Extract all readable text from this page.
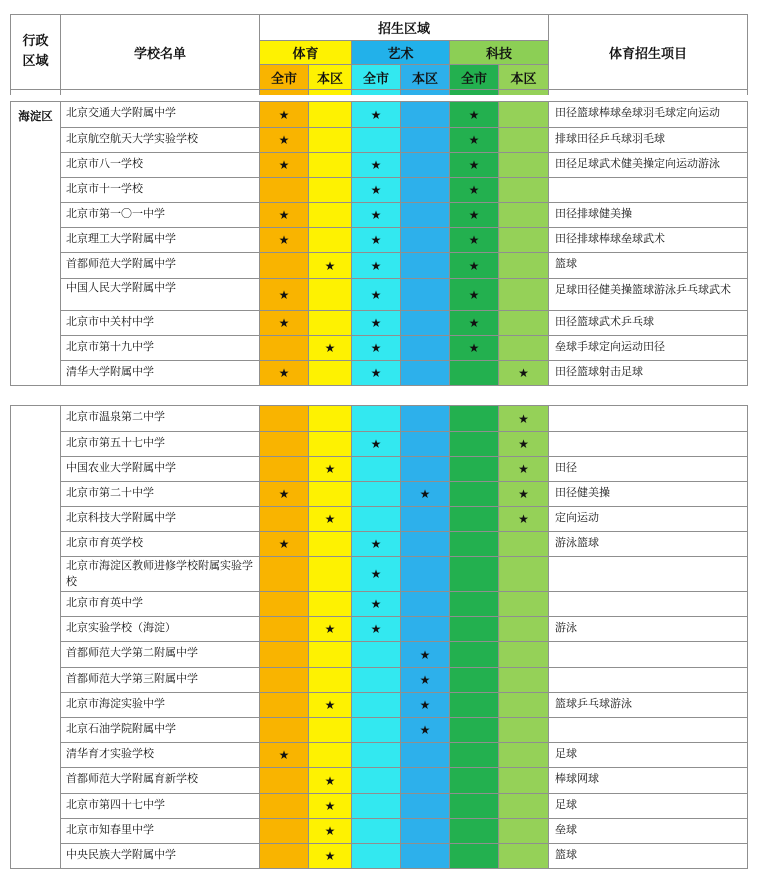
行政
区域	学校名单	招生区域						体育招生项目
		体育		艺术		科技		
		全市	本区	全市	本区	全市	本区	

海淀区	北京交通大学附属中学	★		★		★		田径篮球棒球垒球羽毛球定向运动
	北京航空航天大学实验学校	★				★		排球田径乒乓球羽毛球
	北京市八一学校	★		★		★		田径足球武术健美操定向运动游泳
	北京市十一学校			★		★		
	北京市第一〇一中学	★		★		★		田径排球健美操
	北京理工大学附属中学	★		★		★		田径排球棒球垒球武术
	首都师范大学附属中学		★	★		★		篮球
	中国人民大学附属中学	★		★		★		足球田径健美操篮球游泳乒乓球武术
	北京市中关村中学	★		★		★		田径篮球武术乒乓球
	北京市第十九中学		★	★		★		垒球手球定向运动田径
	清华大学附属中学	★		★			★	田径篮球射击足球
	北京市温泉第二中学						★	
	北京市第五十七中学			★			★	
	中国农业大学附属中学		★				★	田径
	北京市第二十中学	★			★		★	田径健美操
	北京科技大学附属中学		★				★	定向运动
	北京市育英学校	★		★				游泳篮球
	北京市海淀区教师进修学校附属实验学校			★				
	北京市育英中学			★				
	北京实验学校（海淀）		★	★				游泳
	首都师范大学第二附属中学				★			
	首都师范大学第三附属中学				★			
	北京市海淀实验中学		★		★			篮球乒乓球游泳
	北京石油学院附属中学				★			
	清华育才实验学校	★						足球
	首都师范大学附属育新学校		★					棒球网球
	北京市第四十七中学		★					足球
	北京市知春里中学		★					垒球
	中央民族大学附属中学		★					篮球
